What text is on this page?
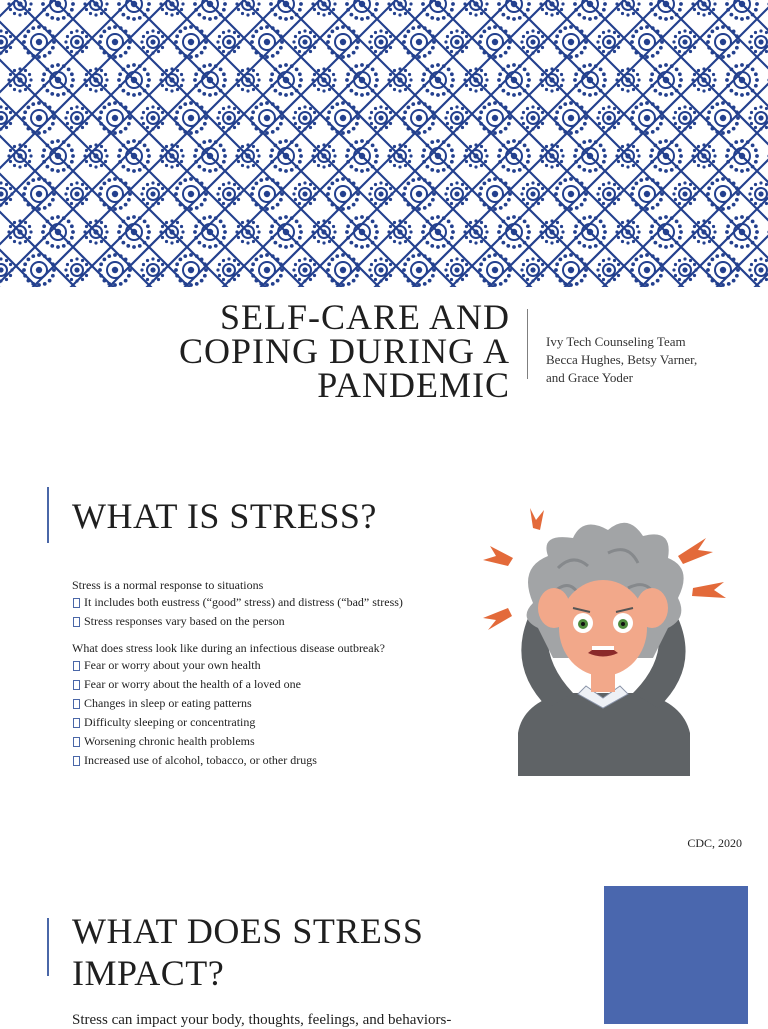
SELF-CARE AND
COPING DURING A
PANDEMIC
Ivy Tech Counseling Team
Becca Hughes, Betsy Varner,
and Grace Yoder
WHAT IS STRESS?
Stress is a normal response to situations
It includes both eustress (“good” stress) and distress (“bad” stress)
Stress responses vary based on the person
What does stress look like during an infectious disease outbreak?
Fear or worry about your own health
Fear or worry about the health of a loved one
Changes in sleep or eating patterns
Difficulty sleeping or concentrating
Worsening chronic health problems
Increased use of alcohol, tobacco, or other drugs
CDC, 2020
WHAT DOES STRESS
IMPACT?
Stress can impact your body, thoughts, feelings, and behaviors-
